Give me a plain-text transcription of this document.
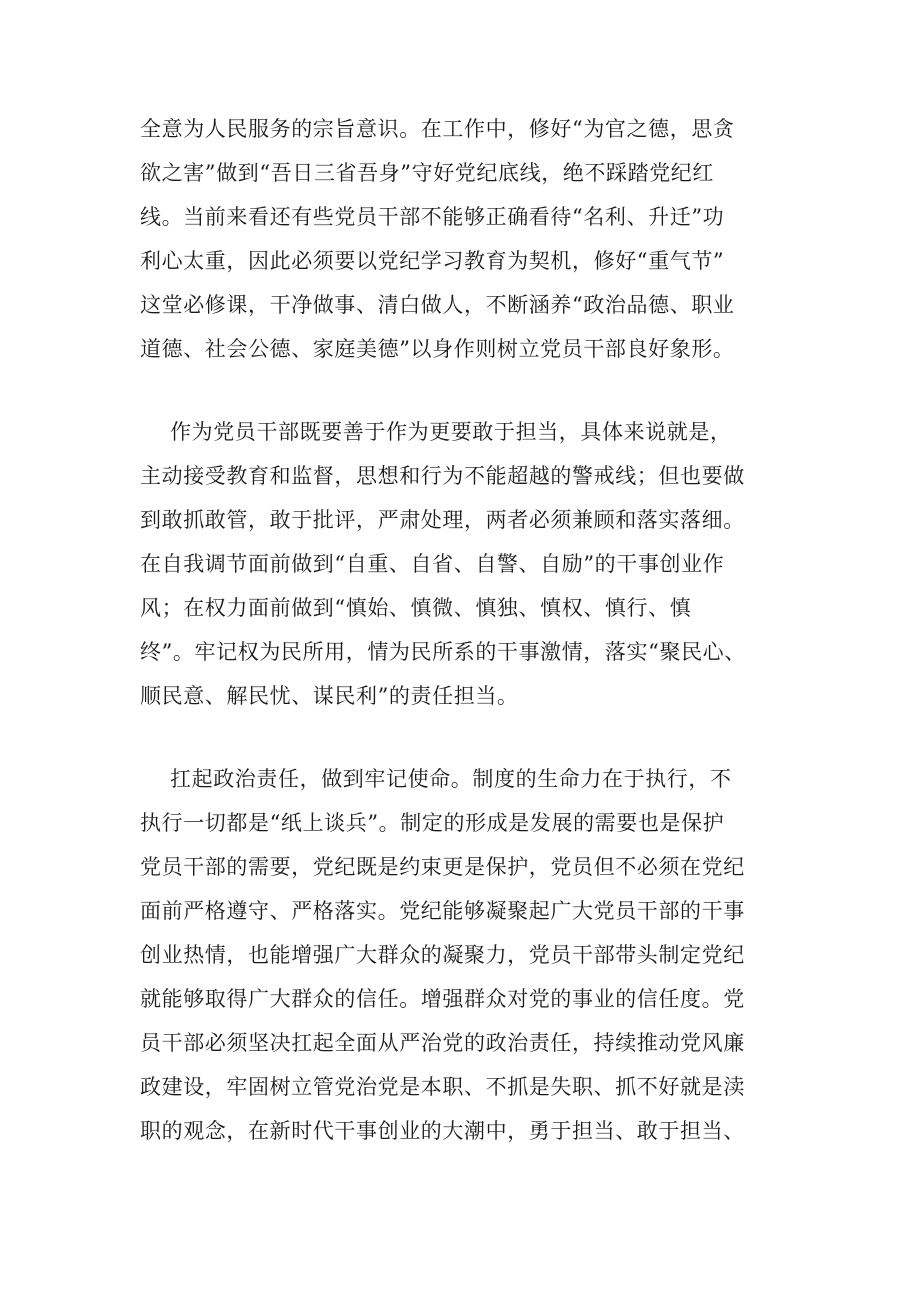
全意为人民服务的宗旨意识。在工作中，修好“为官之德，思贪
欲之害”做到“吾日三省吾身”守好党纪底线，绝不踩踏党纪红
线。当前来看还有些党员干部不能够正确看待“名利、升迁”功
利心太重，因此必须要以党纪学习教育为契机，修好“重气节”
这堂必修课，干净做事、清白做人，不断涵养“政治品德、职业
道德、社会公德、家庭美德”以身作则树立党员干部良好象形。
作为党员干部既要善于作为更要敢于担当，具体来说就是，
主动接受教育和监督，思想和行为不能超越的警戒线；但也要做
到敢抓敢管，敢于批评，严肃处理，两者必须兼顾和落实落细。
在自我调节面前做到“自重、自省、自警、自励”的干事创业作
风；在权力面前做到“慎始、慎微、慎独、慎权、慎行、慎
终”。牢记权为民所用，情为民所系的干事激情，落实“聚民心、
顺民意、解民忧、谋民利”的责任担当。
扛起政治责任，做到牢记使命。制度的生命力在于执行，不
执行一切都是“纸上谈兵”。制定的形成是发展的需要也是保护
党员干部的需要，党纪既是约束更是保护，党员但不必须在党纪
面前严格遵守、严格落实。党纪能够凝聚起广大党员干部的干事
创业热情，也能增强广大群众的凝聚力，党员干部带头制定党纪
就能够取得广大群众的信任。增强群众对党的事业的信任度。党
员干部必须坚决扛起全面从严治党的政治责任，持续推动党风廉
政建设，牢固树立管党治党是本职、不抓是失职、抓不好就是渎
职的观念，在新时代干事创业的大潮中，勇于担当、敢于担当、
